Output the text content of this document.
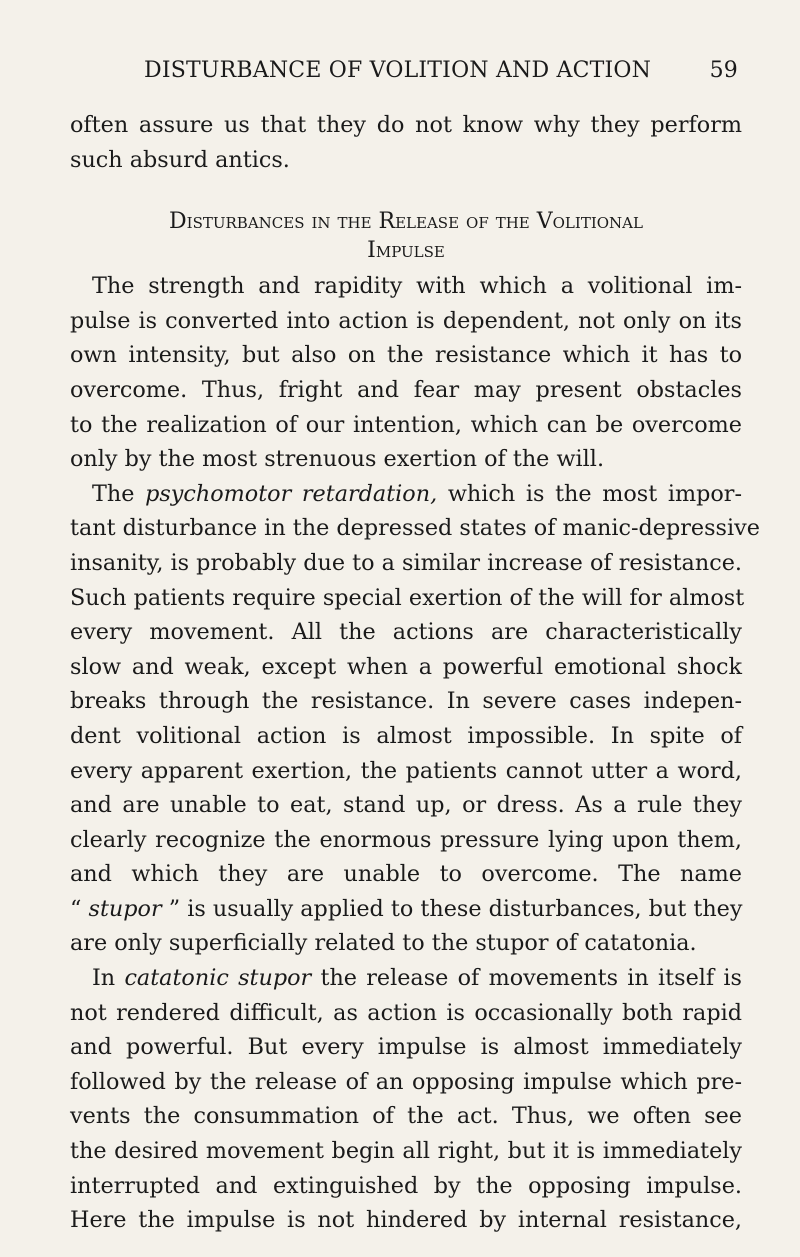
DISTURBANCE OF VOLITION AND ACTION	59
often assure us that they do not know why they perform
such absurd antics.
Disturbances in the Release of the Volitional
Impulse
The strength and rapidity with which a volitional im-
pulse is converted into action is dependent, not only on its
own intensity, but also on the resistance which it has to
overcome. Thus, fright and fear may present obstacles
to the realization of our intention, which can be overcome
only by the most strenuous exertion of the will.
The psychomotor retardation, which is the most impor-
tant disturbance in the depressed states of manic-depressive
insanity, is probably due to a similar increase of resistance.
Such patients require special exertion of the will for almost
every movement. All the actions are characteristically
slow and weak, except when a powerful emotional shock
breaks through the resistance. In severe cases indepen-
dent volitional action is almost impossible. In spite of
every apparent exertion, the patients cannot utter a word,
and are unable to eat, stand up, or dress. As a rule they
clearly recognize the enormous pressure lying upon them,
and which they are unable to overcome. The name
“ stupor ” is usually applied to these disturbances, but they
are only superficially related to the stupor of catatonia.
In catatonic stupor the release of movements in itself is
not rendered difficult, as action is occasionally both rapid
and powerful. But every impulse is almost immediately
followed by the release of an opposing impulse which pre-
vents the consummation of the act. Thus, we often see
the desired movement begin all right, but it is immediately
interrupted and extinguished by the opposing impulse.
Here the impulse is not hindered by internal resistance,
